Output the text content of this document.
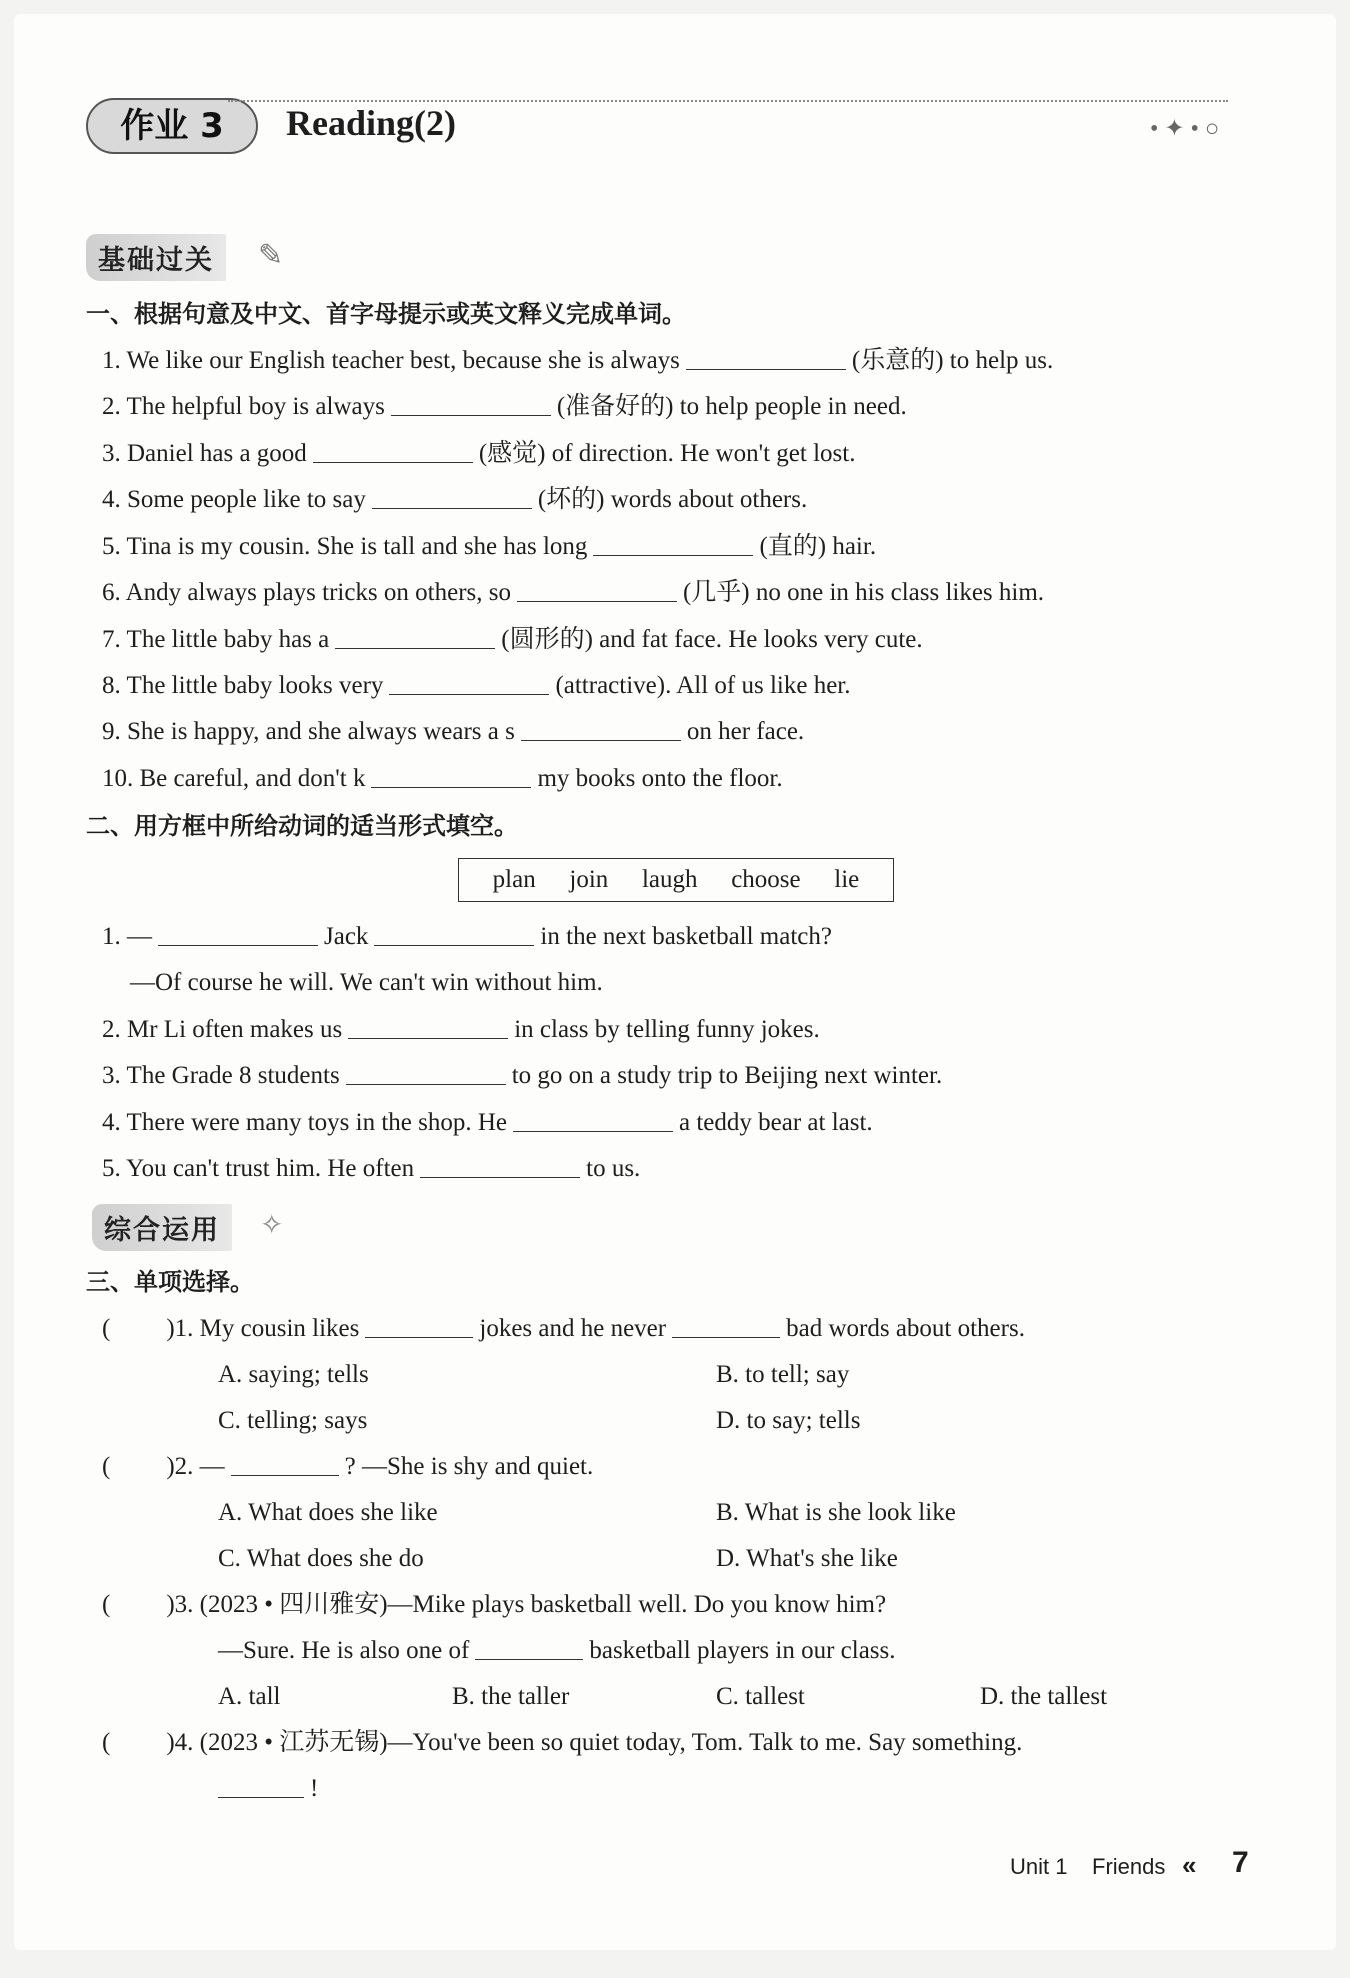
作业 3	Reading(2)	• ✦ • ○
基础过关	✎
一、根据句意及中文、首字母提示或英文释义完成单词。
1. We like our English teacher best, because she is always	(乐意的) to help us.
2. The helpful boy is always	(准备好的) to help people in need.
3. Daniel has a good	(感觉) of direction. He won't get lost.
4. Some people like to say	(坏的) words about others.
5. Tina is my cousin. She is tall and she has long	(直的) hair.
6. Andy always plays tricks on others, so	(几乎) no one in his class likes him.
7. The little baby has a	(圆形的) and fat face. He looks very cute.
8. The little baby looks very	(attractive). All of us like her.
9. She is happy, and she always wears a s	on her face.
10. Be careful, and don't k	my books onto the floor.
二、用方框中所给动词的适当形式填空。
plan join laugh choose lie
1. —	Jack	in the next basketball match?
—Of course he will. We can't win without him.
2. Mr Li often makes us	in class by telling funny jokes.
3. The Grade 8 students	to go on a study trip to Beijing next winter.
4. There were many toys in the shop. He	a teddy bear at last.
5. You can't trust him. He often	to us.
综合运用	✧
三、单项选择。
( )1. My cousin likes	jokes and he never	bad words about others.
A. saying; tells	B. to tell; say
C. telling; says	D. to say; tells
( )2. —	? —She is shy and quiet.
A. What does she like	B. What is she look like
C. What does she do	D. What's she like
( )3. (2023 • 四川雅安)—Mike plays basketball well. Do you know him?
—Sure. He is also one of	basketball players in our class.
A. tall	B. the taller	C. tallest	D. the tallest
( )4. (2023 • 江苏无锡)—You've been so quiet today, Tom. Talk to me. Say something.
!
Unit 1 Friends « 7
